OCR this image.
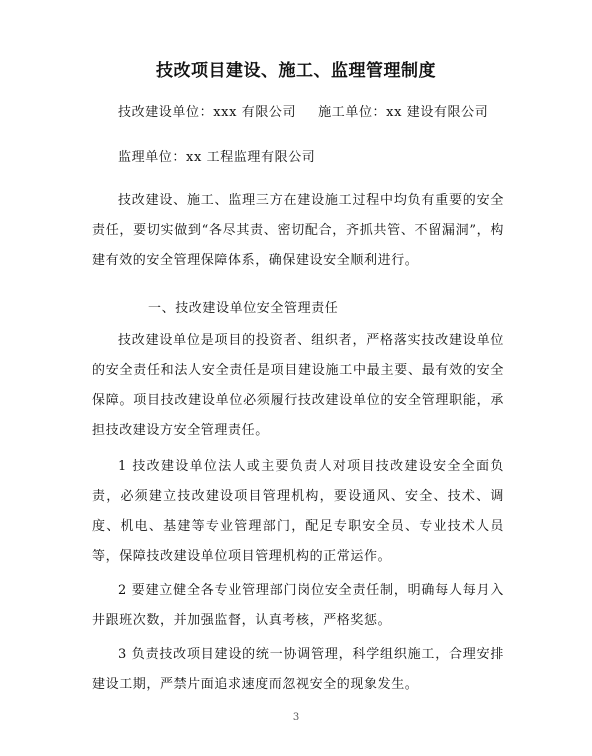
技改项目建设、施工、监理管理制度
技改建设单位：xxx 有限公司 施工单位：xx 建设有限公司
监理单位：xx 工程监理有限公司
技改建设、施工、监理三方在建设施工过程中均负有重要的安全责任，要切实做到“各尽其责、密切配合，齐抓共管、不留漏洞”，构建有效的安全管理保障体系，确保建设安全顺利进行。
一、技改建设单位安全管理责任
技改建设单位是项目的投资者、组织者，严格落实技改建设单位的安全责任和法人安全责任是项目建设施工中最主要、最有效的安全保障。项目技改建设单位必须履行技改建设单位的安全管理职能，承担技改建设方安全管理责任。
1 技改建设单位法人或主要负责人对项目技改建设安全全面负责，必须建立技改建设项目管理机构，要设通风、安全、技术、调度、机电、基建等专业管理部门，配足专职安全员、专业技术人员等，保障技改建设单位项目管理机构的正常运作。
2 要建立健全各专业管理部门岗位安全责任制，明确每人每月入井跟班次数，并加强监督，认真考核，严格奖惩。
3 负责技改项目建设的统一协调管理，科学组织施工，合理安排建设工期，严禁片面追求速度而忽视安全的现象发生。
3
